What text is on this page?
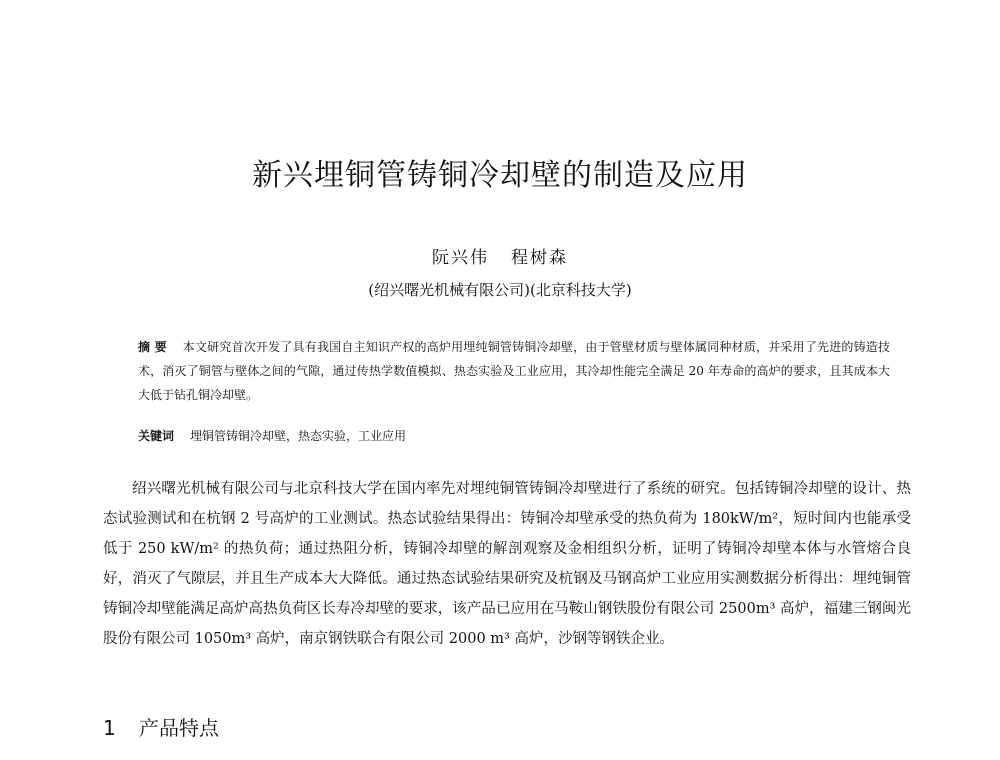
新兴埋铜管铸铜冷却壁的制造及应用
阮兴伟 程树森
(绍兴曙光机械有限公司)(北京科技大学)
摘 要 本文研究首次开发了具有我国自主知识产权的高炉用埋纯铜管铸铜冷却壁，由于管壁材质与壁体属同种材质，并采用了先进的铸造技术，消灭了铜管与壁体之间的气隙，通过传热学数值模拟、热态实验及工业应用，其冷却性能完全满足 20 年寿命的高炉的要求，且其成本大大低于钻孔铜冷却壁。
关键词 埋铜管铸铜冷却壁，热态实验，工业应用
绍兴曙光机械有限公司与北京科技大学在国内率先对埋纯铜管铸铜冷却壁进行了系统的研究。包括铸铜冷却壁的设计、热态试验测试和在杭钢 2 号高炉的工业测试。热态试验结果得出：铸铜冷却壁承受的热负荷为 180kW/m²，短时间内也能承受低于 250 kW/m² 的热负荷；通过热阻分析，铸铜冷却壁的解剖观察及金相组织分析，证明了铸铜冷却壁本体与水管熔合良好，消灭了气隙层，并且生产成本大大降低。通过热态试验结果研究及杭钢及马钢高炉工业应用实测数据分析得出：埋纯铜管铸铜冷却壁能满足高炉高热负荷区长寿冷却壁的要求，该产品已应用在马鞍山钢铁股份有限公司 2500m³ 高炉，福建三钢闽光股份有限公司 1050m³ 高炉，南京钢铁联合有限公司 2000 m³ 高炉，沙钢等钢铁企业。
1 产品特点
